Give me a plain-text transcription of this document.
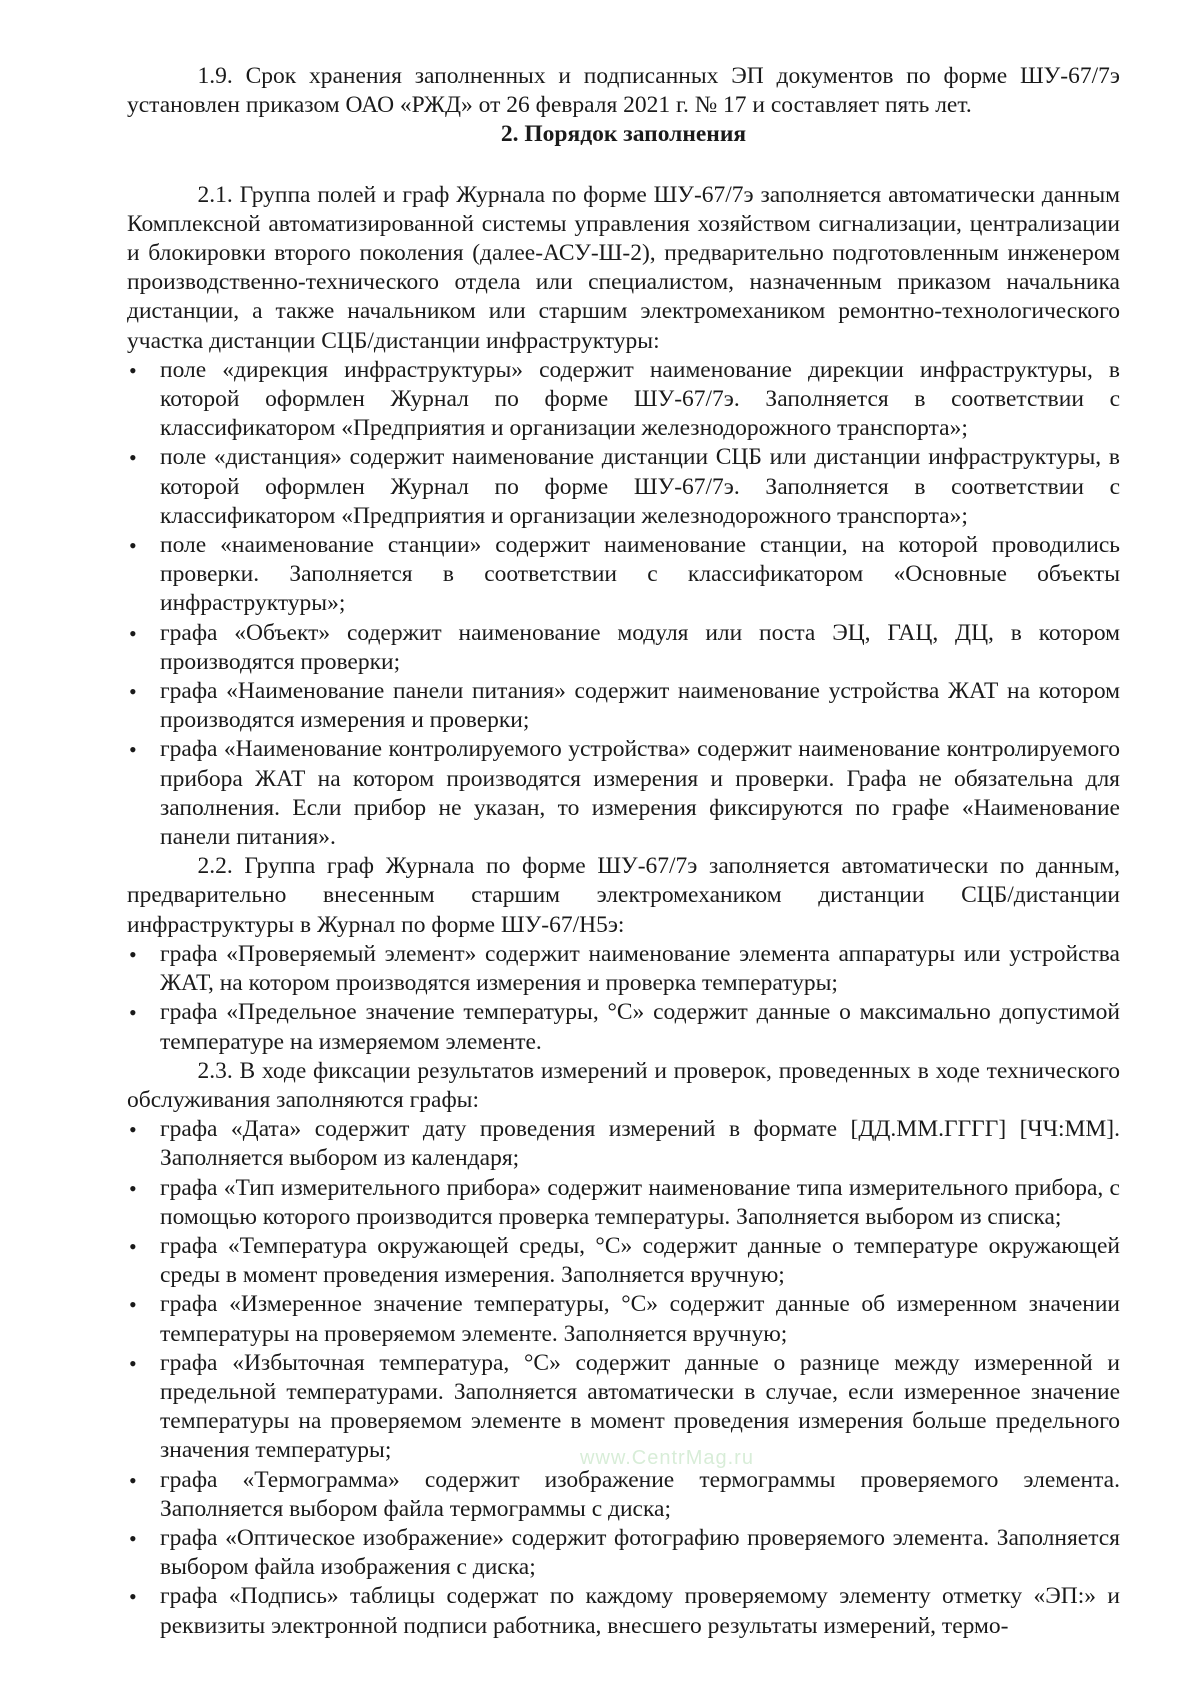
1.9. Срок хранения заполненных и подписанных ЭП документов по форме ШУ-67/7э установлен приказом ОАО «РЖД» от 26 февраля 2021 г. № 17 и составляет пять лет.

2. Порядок заполнения

2.1. Группа полей и граф Журнала по форме ШУ-67/7э заполняется автоматически данным Комплексной автоматизированной системы управления хозяйством сигнализации, централизации и блокировки второго поколения (далее-АСУ-Ш-2), предварительно подготовленным инженером производственно-технического отдела или специалистом, назначенным приказом начальника дистанции, а также начальником или старшим электромехаником ремонтно-технологического участка дистанции СЦБ/дистанции инфраструктуры:

• поле «дирекция инфраструктуры» содержит наименование дирекции инфраструктуры, в которой оформлен Журнал по форме ШУ-67/7э. Заполняется в соответствии с классификатором «Предприятия и организации железнодорожного транспорта»;
• поле «дистанция» содержит наименование дистанции СЦБ или дистанции инфраструктуры, в которой оформлен Журнал по форме ШУ-67/7э. Заполняется в соответствии с классификатором «Предприятия и организации железнодорожного транспорта»;
• поле «наименование станции» содержит наименование станции, на которой проводились проверки. Заполняется в соответствии с классификатором «Основные объекты инфраструктуры»;
• графа «Объект» содержит наименование модуля или поста ЭЦ, ГАЦ, ДЦ, в котором производятся проверки;
• графа «Наименование панели питания» содержит наименование устройства ЖАТ на котором производятся измерения и проверки;
• графа «Наименование контролируемого устройства» содержит наименование контролируемого прибора ЖАТ на котором производятся измерения и проверки. Графа не обязательна для заполнения. Если прибор не указан, то измерения фиксируются по графе «Наименование панели питания».

2.2. Группа граф Журнала по форме ШУ-67/7э заполняется автоматически по данным, предварительно внесенным старшим электромехаником дистанции СЦБ/дистанции инфраструктуры в Журнал по форме ШУ-67/Н5э:

• графа «Проверяемый элемент» содержит наименование элемента аппаратуры или устройства ЖАТ, на котором производятся измерения и проверка температуры;
• графа «Предельное значение температуры, °С» содержит данные о максимально допустимой температуре на измеряемом элементе.

2.3. В ходе фиксации результатов измерений и проверок, проведенных в ходе технического обслуживания заполняются графы:

• графа «Дата» содержит дату проведения измерений в формате [ДД.ММ.ГГГГ] [ЧЧ:ММ]. Заполняется выбором из календаря;
• графа «Тип измерительного прибора» содержит наименование типа измерительного прибора, с помощью которого производится проверка температуры. Заполняется выбором из списка;
• графа «Температура окружающей среды, °С» содержит данные о температуре окружающей среды в момент проведения измерения. Заполняется вручную;
• графа «Измеренное значение температуры, °С» содержит данные об измеренном значении температуры на проверяемом элементе. Заполняется вручную;
• графа «Избыточная температура, °С» содержит данные о разнице между измеренной и предельной температурами. Заполняется автоматически в случае, если измеренное значение температуры на проверяемом элементе в момент проведения измерения больше предельного значения температуры;
• графа «Термограмма» содержит изображение термограммы проверяемого элемента. Заполняется выбором файла термограммы с диска;
• графа «Оптическое изображение» содержит фотографию проверяемого элемента. Заполняется выбором файла изображения с диска;
• графа «Подпись» таблицы содержат по каждому проверяемому элементу отметку «ЭП:» и реквизиты электронной подписи работника, внесшего результаты измерений, термо-
www.CentrMag.ru
